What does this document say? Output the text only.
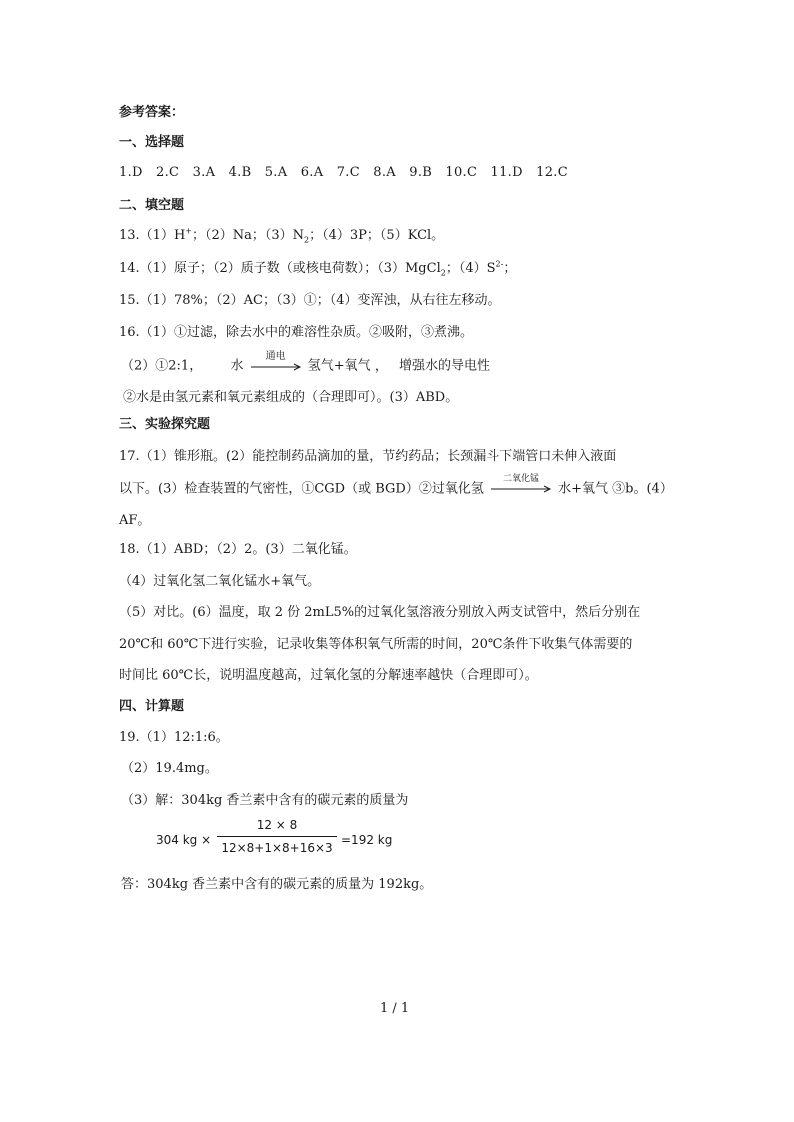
参考答案：
一、选择题
1.D　2.C　3.A　4.B　5.A　6.A　7.C　8.A　9.B　10.C　11.D　12.C
二、填空题
13.（1）H+；（2）Na；$(3)N_2$；（4）3P；（5）KCl。
14.（1）原子；（2）质子数（或核电荷数）；（3）MgCl$_2$；$(4)S^{2-}$；
15.（1）78%；（2）AC；（3）①；（4）变浑浊，从右往左移动。
16.（1）①过滤，除去水中的难溶性杂质。②吸附，③煮沸。
（2）①2:1， 水
通电
氢气+氧气 ， 增强水的导电性
②水是由氢元素和氧元素组成的（合理即可）。(3）ABD。
三、实验探究题
17.（1）锥形瓶。(2）能控制药品滴加的量，节约药品；长颈漏斗下端管口未伸入液面
以下。(3）检查装置的气密性，①CGD（或 BGD）②过氧化氢
二氧化锰
水+氧气 ③b。(4）
AF。
18.（1）ABD；（2）2。(3）二氧化锰。
（4）过氧化氢二氧化锰水+氧气。
（5）对比。(6）温度，取 2 份 2mL5%的过氧化氢溶液分别放入两支试管中，然后分别在
20℃和 60℃下进行实验，记录收集等体积氧气所需的时间，20℃条件下收集气体需要的
时间比 60℃长，说明温度越高，过氧化氢的分解速率越快（合理即可）。
四、计算题
19.（1）12:1:6。
（2）19.4mg。
（3）解：304kg 香兰素中含有的碳元素的质量为
304 kg ×
12 × 8
12×8+1×8+16×3
=192 kg
答：304kg 香兰素中含有的碳元素的质量为 192kg。
1 / 1
